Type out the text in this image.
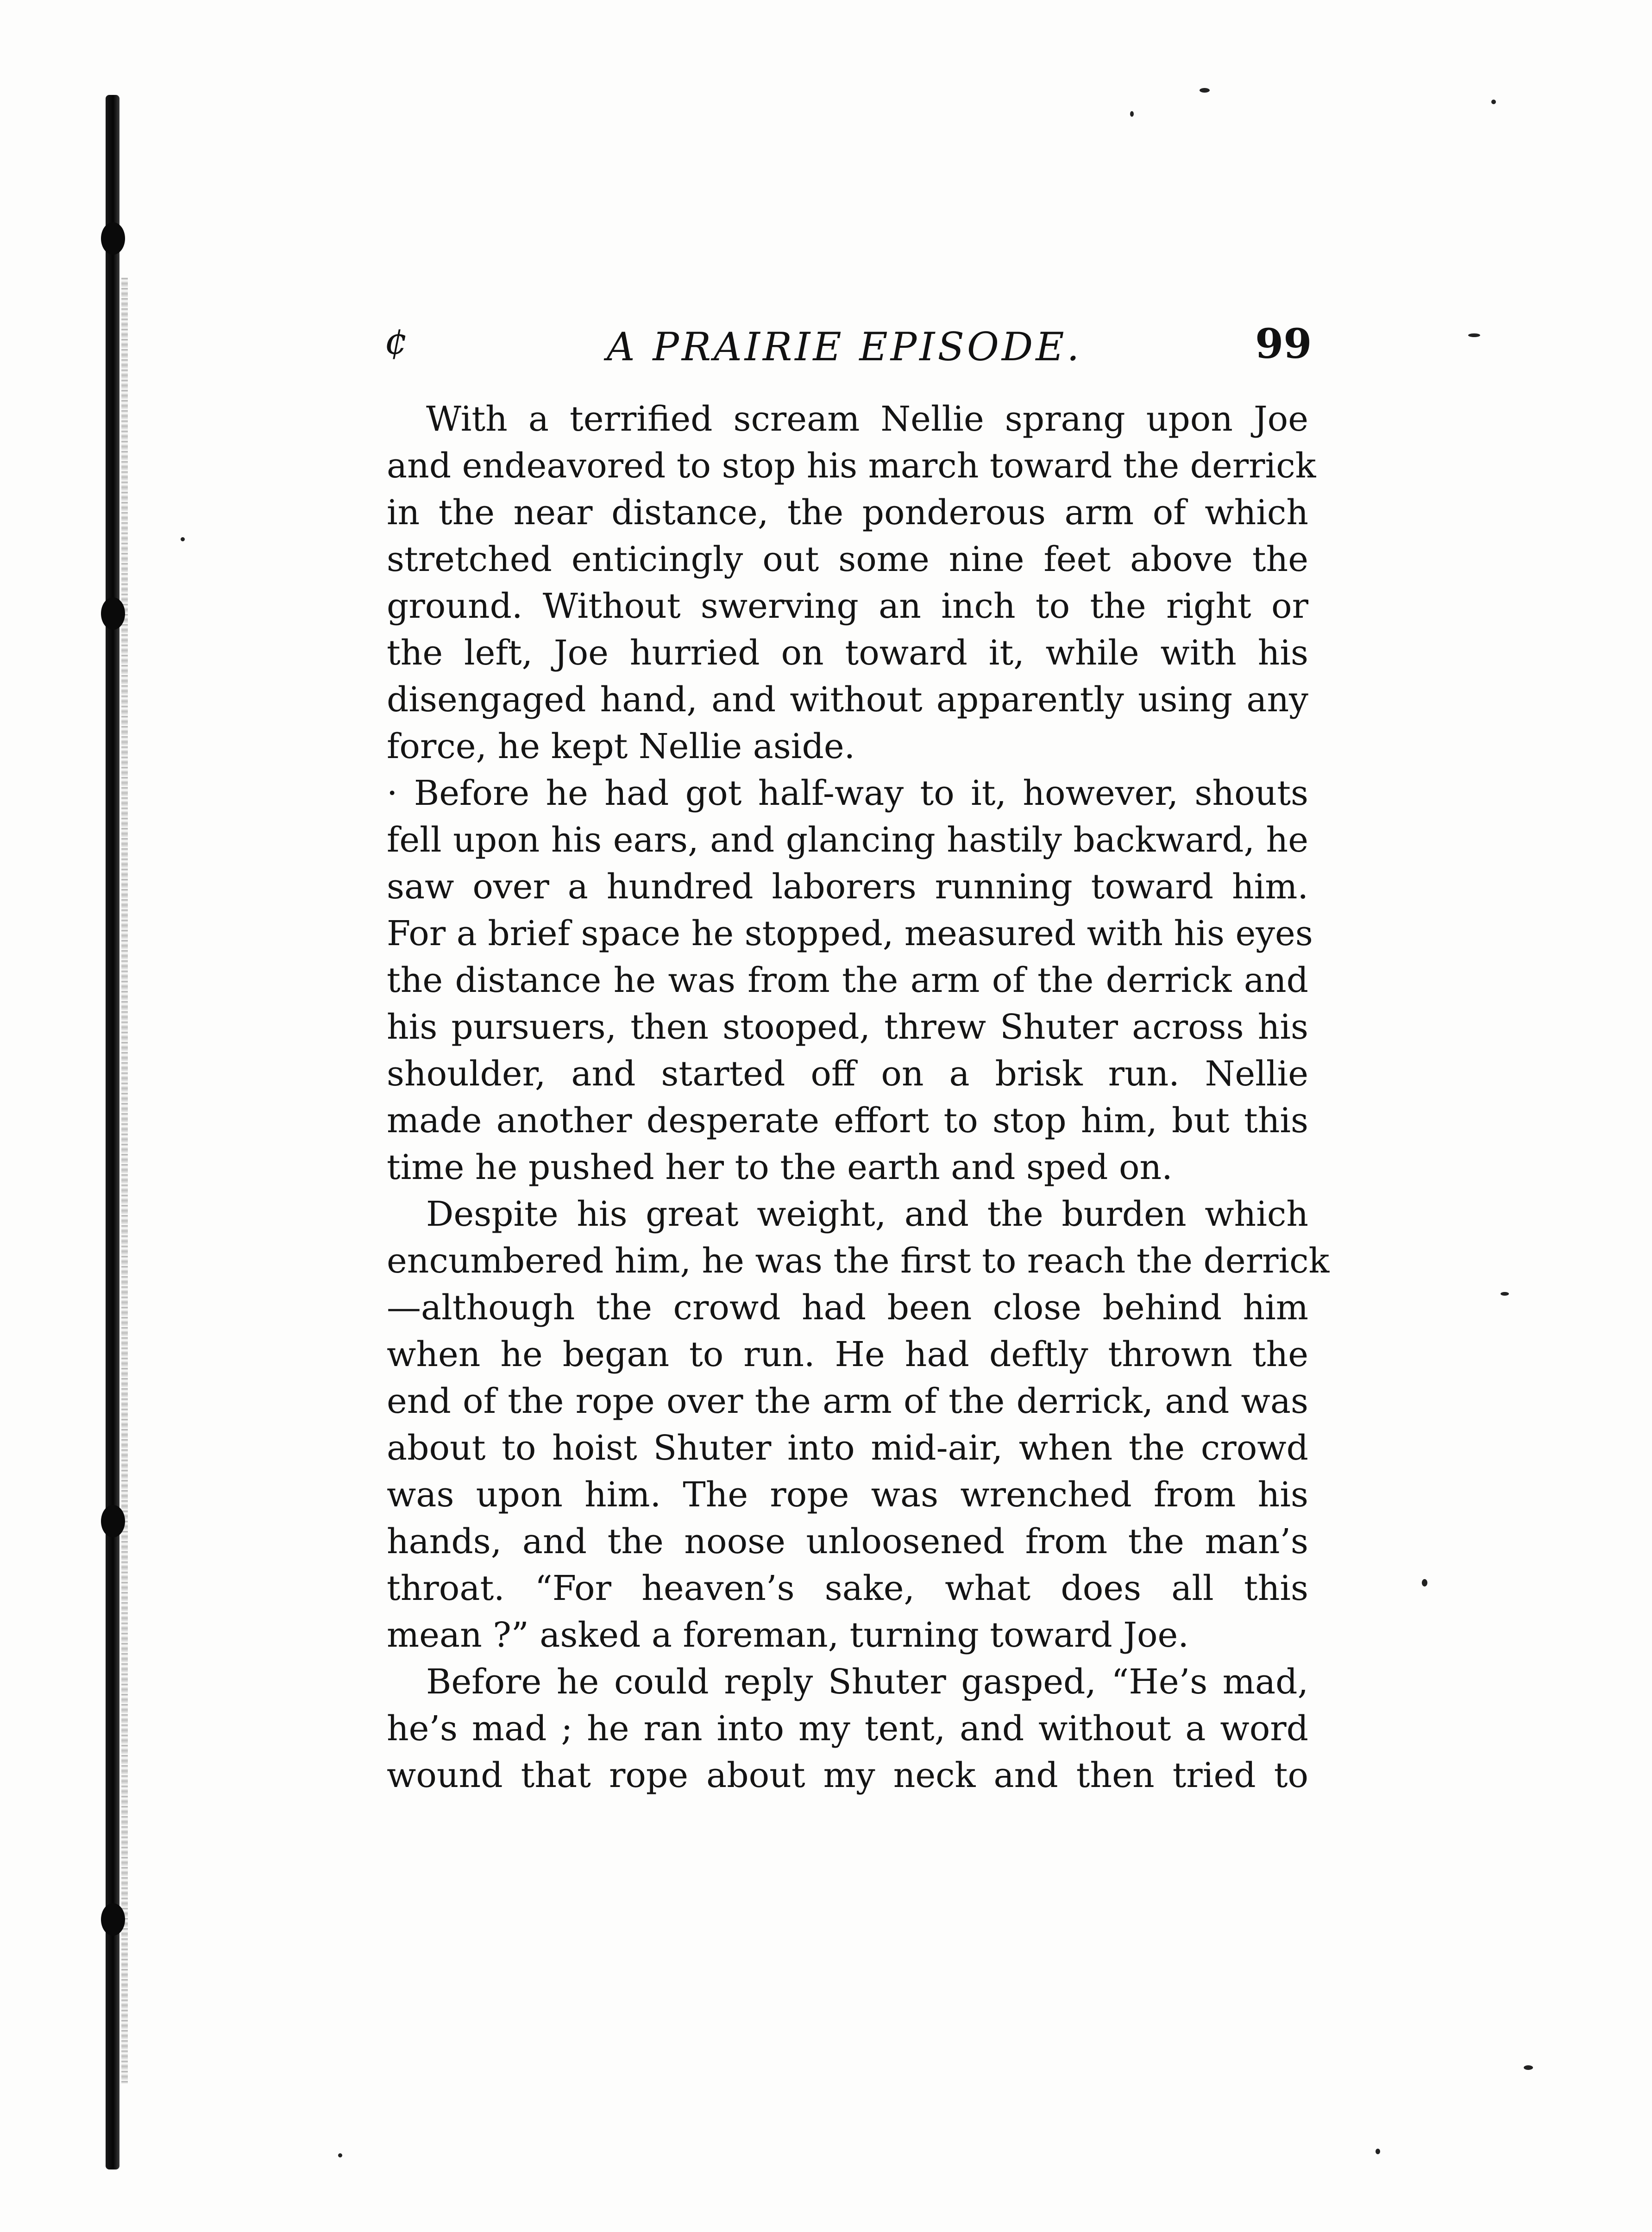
¢	A PRAIRIE EPISODE.	99

With a terrified scream Nellie sprang upon Joe
and endeavored to stop his march toward the derrick
in the near distance, the ponderous arm of which
stretched enticingly out some nine feet above the
ground. Without swerving an inch to the right or
the left, Joe hurried on toward it, while with his
disengaged hand, and without apparently using any
force, he kept Nellie aside.

· Before he had got half-way to it, however, shouts
fell upon his ears, and glancing hastily backward, he
saw over a hundred laborers running toward him.
For a brief space he stopped, measured with his eyes
the distance he was from the arm of the derrick and
his pursuers, then stooped, threw Shuter across his
shoulder, and started off on a brisk run. Nellie
made another desperate effort to stop him, but this
time he pushed her to the earth and sped on.

Despite his great weight, and the burden which
encumbered him, he was the first to reach the derrick
—although the crowd had been close behind him
when he began to run. He had deftly thrown the
end of the rope over the arm of the derrick, and was
about to hoist Shuter into mid-air, when the crowd
was upon him. The rope was wrenched from his
hands, and the noose unloosened from the man’s
throat. “For heaven’s sake, what does all this
mean ?” asked a foreman, turning toward Joe.

Before he could reply Shuter gasped, “He’s mad,
he’s mad ; he ran into my tent, and without a word
wound that rope about my neck and then tried to
